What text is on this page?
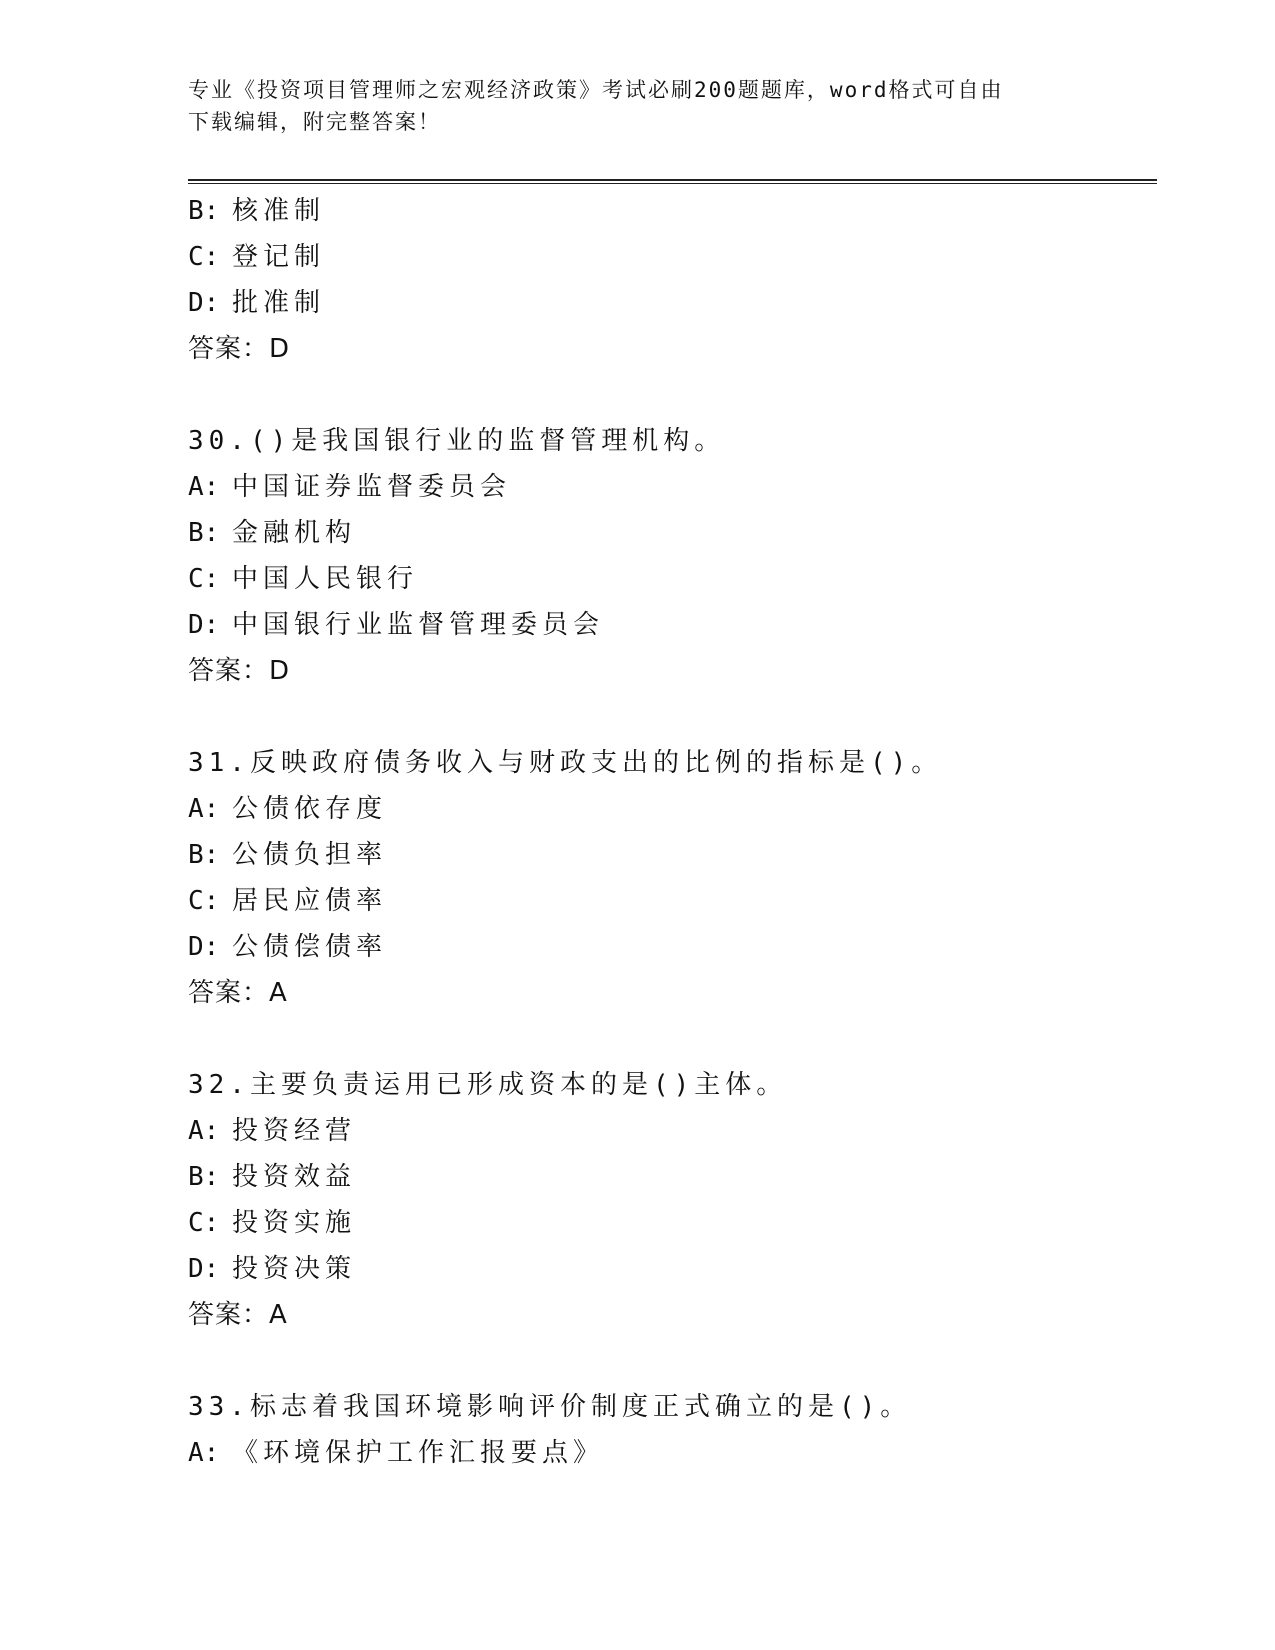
专业《投资项目管理师之宏观经济政策》考试必刷200题题库，word格式可自由
下载编辑，附完整答案！
B: 核准制
C: 登记制
D: 批准制
答案：D
30.()是我国银行业的监督管理机构。
A: 中国证券监督委员会
B: 金融机构
C: 中国人民银行
D: 中国银行业监督管理委员会
答案：D
31.反映政府债务收入与财政支出的比例的指标是()。
A: 公债依存度
B: 公债负担率
C: 居民应债率
D: 公债偿债率
答案：A
32.主要负责运用已形成资本的是()主体。
A: 投资经营
B: 投资效益
C: 投资实施
D: 投资决策
答案：A
33.标志着我国环境影响评价制度正式确立的是()。
A: 《环境保护工作汇报要点》
